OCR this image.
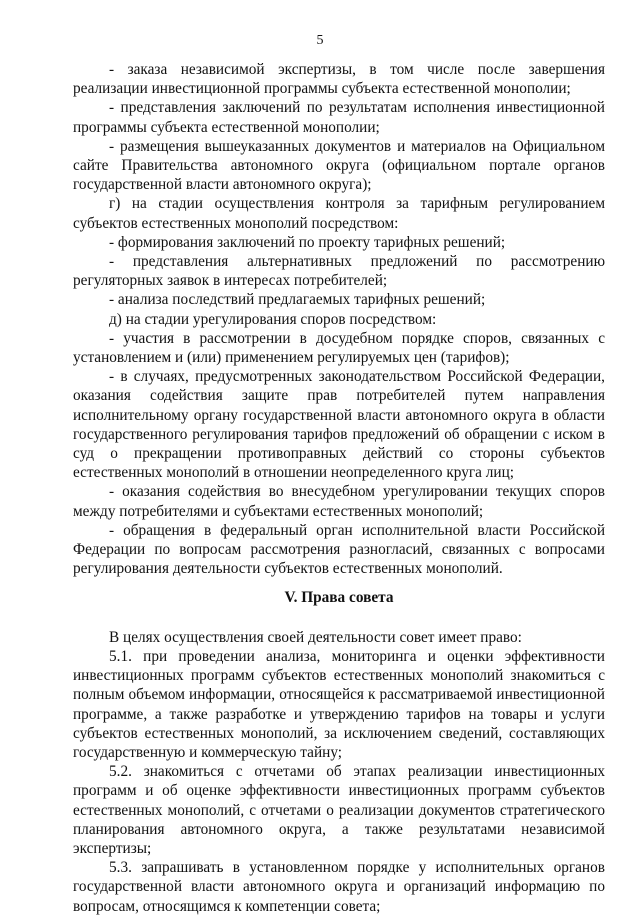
5

- заказа независимой экспертизы, в том числе после завершения реализации инвестиционной программы субъекта естественной монополии;

- представления заключений по результатам исполнения инвестиционной программы субъекта естественной монополии;

- размещения вышеуказанных документов и материалов на Официальном сайте Правительства автономного округа (официальном портале органов государственной власти автономного округа);

г) на стадии осуществления контроля за тарифным регулированием субъектов естественных монополий посредством:

- формирования заключений по проекту тарифных решений;

- представления альтернативных предложений по рассмотрению регуляторных заявок в интересах потребителей;

- анализа последствий предлагаемых тарифных решений;

д) на стадии урегулирования споров посредством:

- участия в рассмотрении в досудебном порядке споров, связанных с установлением и (или) применением регулируемых цен (тарифов);

- в случаях, предусмотренных законодательством Российской Федерации, оказания содействия защите прав потребителей путем направления исполнительному органу государственной власти автономного округа в области государственного регулирования тарифов предложений об обращении с иском в суд о прекращении противоправных действий со стороны субъектов естественных монополий в отношении неопределенного круга лиц;

- оказания содействия во внесудебном урегулировании текущих споров между потребителями и субъектами естественных монополий;

- обращения в федеральный орган исполнительной власти Российской Федерации по вопросам рассмотрения разногласий, связанных с вопросами регулирования деятельности субъектов естественных монополий.

V. Права совета

В целях осуществления своей деятельности совет имеет право:

5.1. при проведении анализа, мониторинга и оценки эффективности инвестиционных программ субъектов естественных монополий знакомиться с полным объемом информации, относящейся к рассматриваемой инвестиционной программе, а также разработке и утверждению тарифов на товары и услуги субъектов естественных монополий, за исключением сведений, составляющих государственную и коммерческую тайну;

5.2. знакомиться с отчетами об этапах реализации инвестиционных программ и об оценке эффективности инвестиционных программ субъектов естественных монополий, с отчетами о реализации документов стратегического планирования автономного округа, а также результатами независимой экспертизы;

5.3. запрашивать в установленном порядке у исполнительных органов государственной власти автономного округа и организаций информацию по вопросам, относящимся к компетенции совета;
